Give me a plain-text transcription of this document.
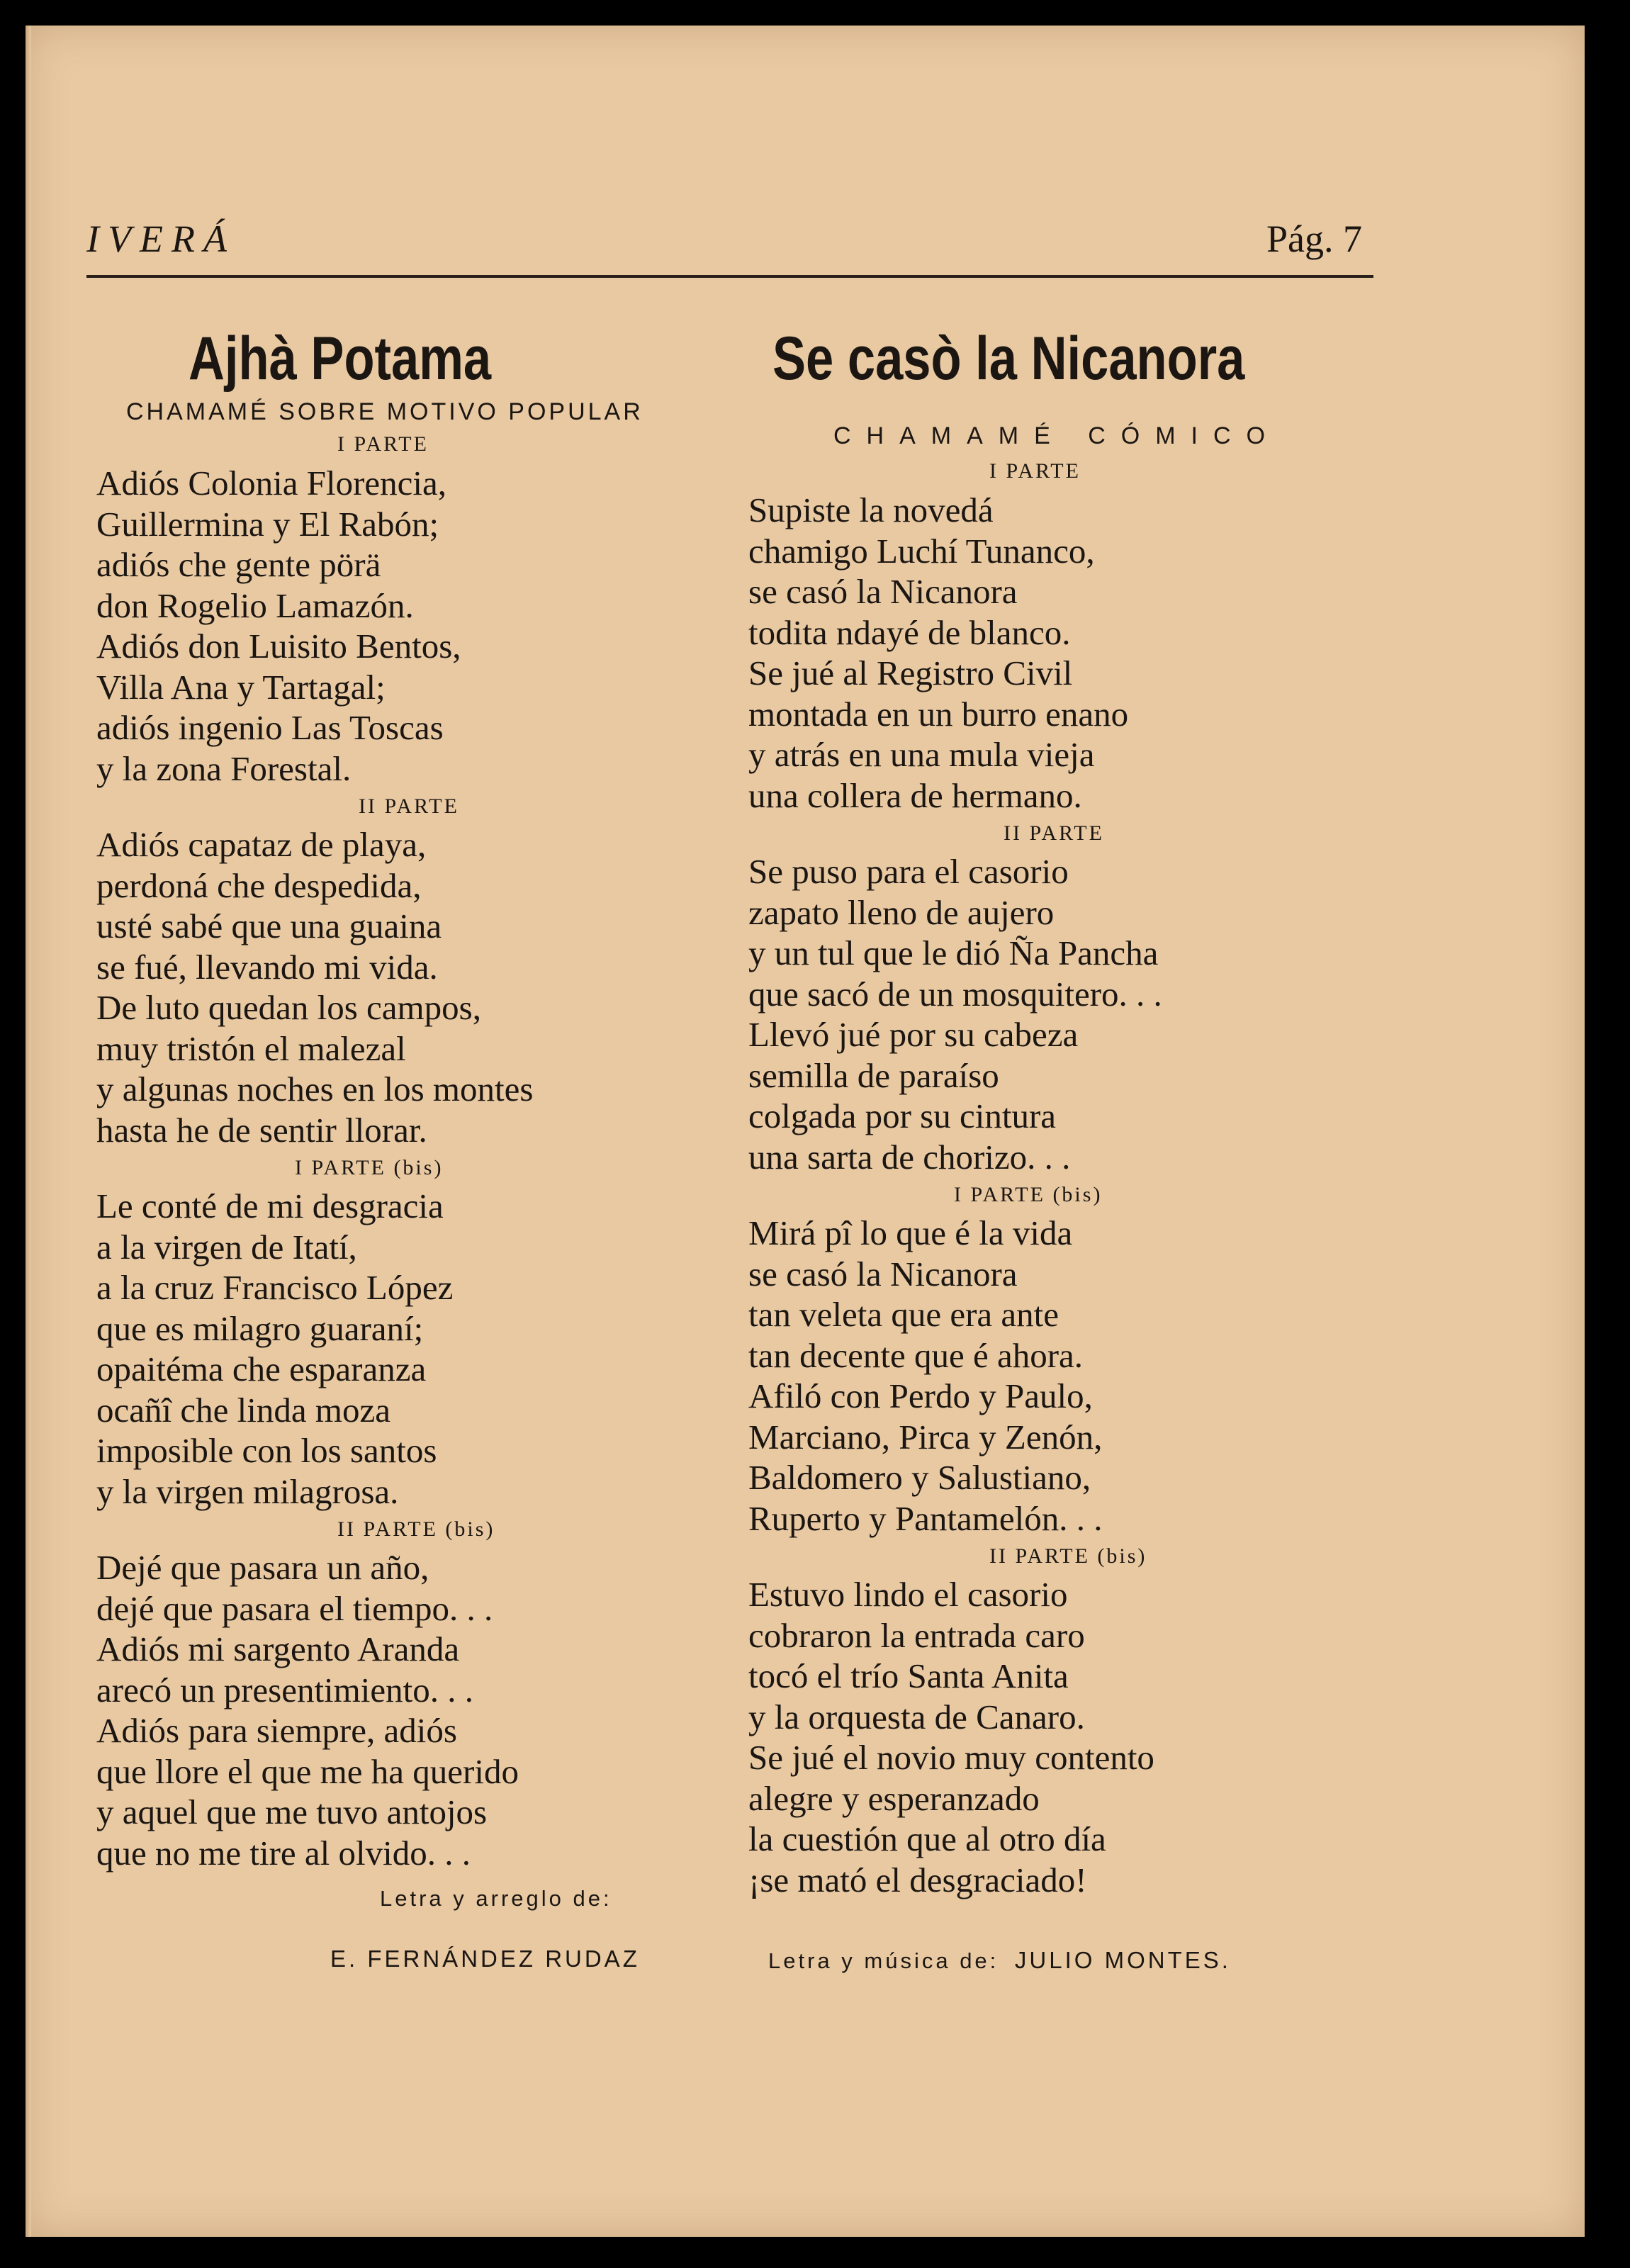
IVERÁ	Pág. 7
Ajhà Potama

CHAMAMÉ SOBRE MOTIVO POPULAR

I PARTE

Adiós Colonia Florencia,
Guillermina y El Rabón;
adiós che gente pörä
don Rogelio Lamazón.
Adiós don Luisito Bentos,
Villa Ana y Tartagal;
adiós ingenio Las Toscas
y la zona Forestal.

II PARTE

Adiós capataz de playa,
perdoná che despedida,
usté sabé que una guaina
se fué, llevando mi vida.
De luto quedan los campos,
muy tristón el malezal
y algunas noches en los montes
hasta he de sentir llorar.

I PARTE (bis)

Le conté de mi desgracia
a la virgen de Itatí,
a la cruz Francisco López
que es milagro guaraní;
opaitéma che esparanza
ocañî che linda moza
imposible con los santos
y la virgen milagrosa.

II PARTE (bis)

Dejé que pasara un año,
dejé que pasara el tiempo. . .
Adiós mi sargento Aranda
arecó un presentimiento. . .
Adiós para siempre, adiós
que llore el que me ha querido
y aquel que me tuvo antojos
que no me tire al olvido. . .

Letra y arreglo de:

E. FERNÁNDEZ RUDAZ

Se casò la Nicanora

CHAMAMÉ CÓMICO

I PARTE

Supiste la novedá
chamigo Luchí Tunanco,
se casó la Nicanora
todita ndayé de blanco.
Se jué al Registro Civil
montada en un burro enano
y atrás en una mula vieja
una collera de hermano.

II PARTE

Se puso para el casorio
zapato lleno de aujero
y un tul que le dió Ña Pancha
que sacó de un mosquitero. . .
Llevó jué por su cabeza
semilla de paraíso
colgada por su cintura
una sarta de chorizo. . .

I PARTE (bis)

Mirá pî lo que é la vida
se casó la Nicanora
tan veleta que era ante
tan decente que é ahora.
Afiló con Perdo y Paulo,
Marciano, Pirca y Zenón,
Baldomero y Salustiano,
Ruperto y Pantamelón. . .

II PARTE (bis)

Estuvo lindo el casorio
cobraron la entrada caro
tocó el trío Santa Anita
y la orquesta de Canaro.
Se jué el novio muy contento
alegre y esperanzado
la cuestión que al otro día
¡se mató el desgraciado!

Letra y música de: JULIO MONTES.
